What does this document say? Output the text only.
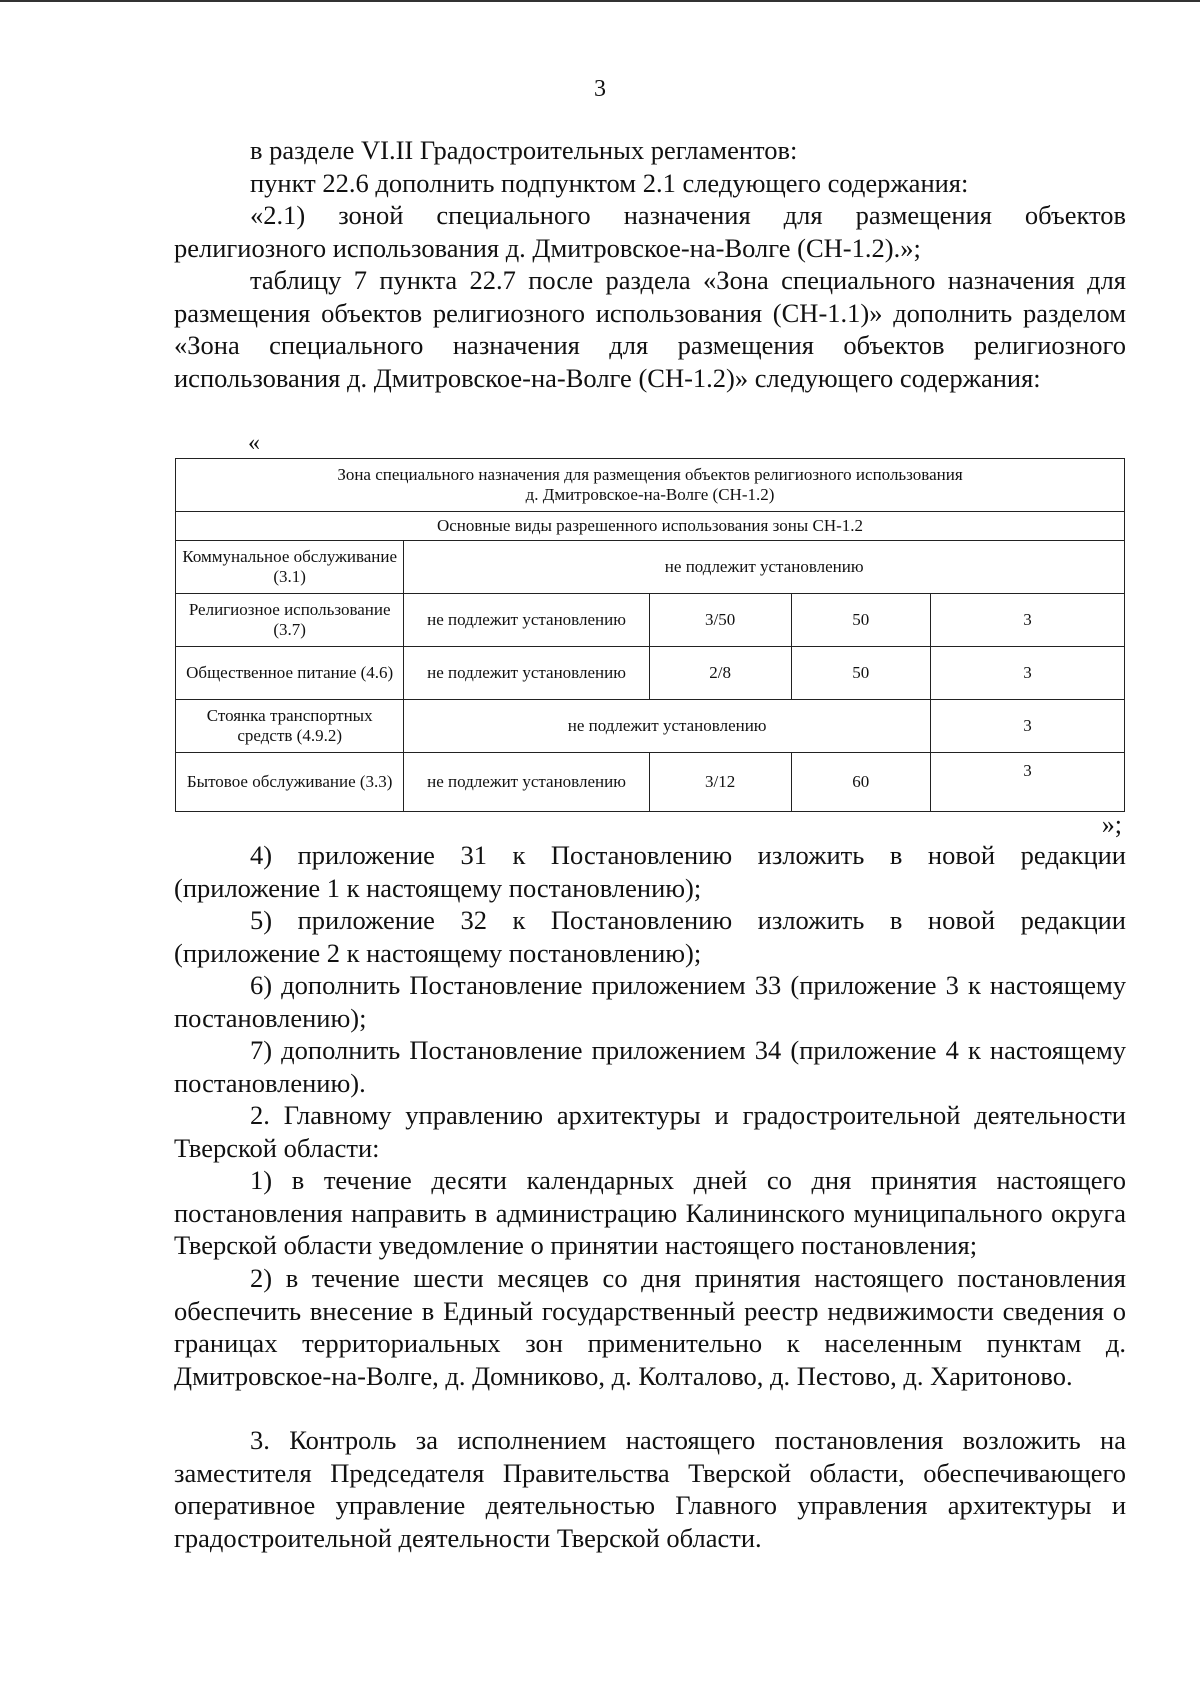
3
в разделе VI.II Градостроительных регламентов:
пункт 22.6 дополнить подпунктом 2.1 следующего содержания:
«2.1) зоной специального назначения для размещения объектов религиозного использования д. Дмитровское-на-Волге (СН-1.2).»;
таблицу 7 пункта 22.7 после раздела «Зона специального назначения для размещения объектов религиозного использования (СН-1.1)» дополнить разделом «Зона специального назначения для размещения объектов религиозного использования д. Дмитровское-на-Волге (СН-1.2)» следующего содержания:
«
Зона специального назначения для размещения объектов религиозного использования
д. Дмитровское-на-Волге (СН-1.2)				

Основные виды разрешенного использования зоны СН-1.2				
Коммунальное обслуживание (3.1)	не подлежит установлению			
Религиозное использование (3.7)	не подлежит установлению	3/50	50	3
Общественное питание (4.6)	не подлежит установлению	2/8	50	3
Стоянка транспортных средств (4.9.2)	не подлежит установлению			3
Бытовое обслуживание (3.3)	не подлежит установлению	3/12	60	3
»;
4) приложение 31 к Постановлению изложить в новой редакции (приложение 1 к настоящему постановлению);
5) приложение 32 к Постановлению изложить в новой редакции (приложение 2 к настоящему постановлению);
6) дополнить Постановление приложением 33 (приложение 3 к настоящему постановлению);
7) дополнить Постановление приложением 34 (приложение 4 к настоящему постановлению).
2. Главному управлению архитектуры и градостроительной деятельности Тверской области:
1) в течение десяти календарных дней со дня принятия настоящего постановления направить в администрацию Калининского муниципального округа Тверской области уведомление о принятии настоящего постановления;
2) в течение шести месяцев со дня принятия настоящего постановления обеспечить внесение в Единый государственный реестр недвижимости сведения о границах территориальных зон применительно к населенным пунктам д. Дмитровское-на-Волге, д. Домниково, д. Колталово, д. Пестово, д. Харитоново.
3. Контроль за исполнением настоящего постановления возложить на заместителя Председателя Правительства Тверской области, обеспечивающего оперативное управление деятельностью Главного управления архитектуры и градостроительной деятельности Тверской области.
